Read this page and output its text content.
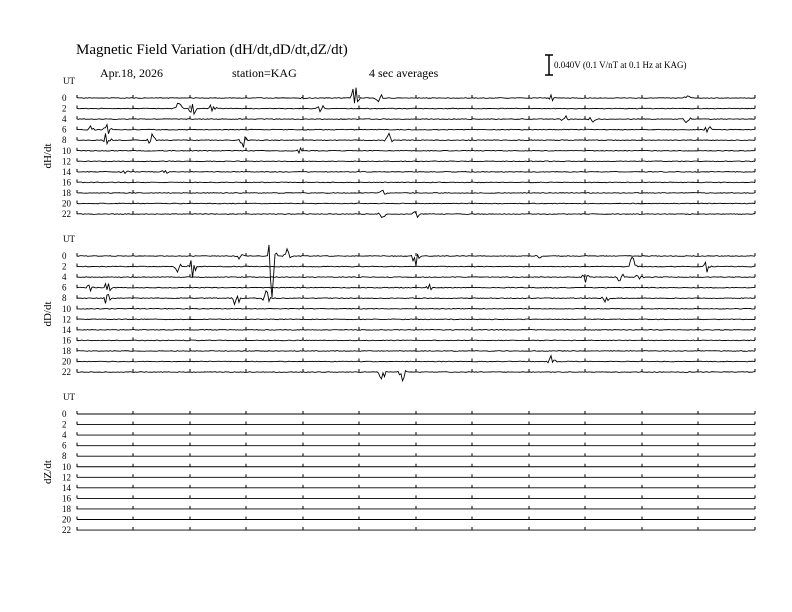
Magnetic Field Variation (dH/dt,dD/dt,dZ/dt)
Apr.18, 2026	station=KAG	4 sec averages
0.040V (0.1 V/nT at 0.1 Hz at KAG)
UT
dH/dt
0
2
4
6
8
10
12
14
16
18
20
22
UT
dD/dt
0
2
4
6
8
10
12
14
16
18
20
22
UT
dZ/dt
0
2
4
6
8
10
12
14
16
18
20
22
